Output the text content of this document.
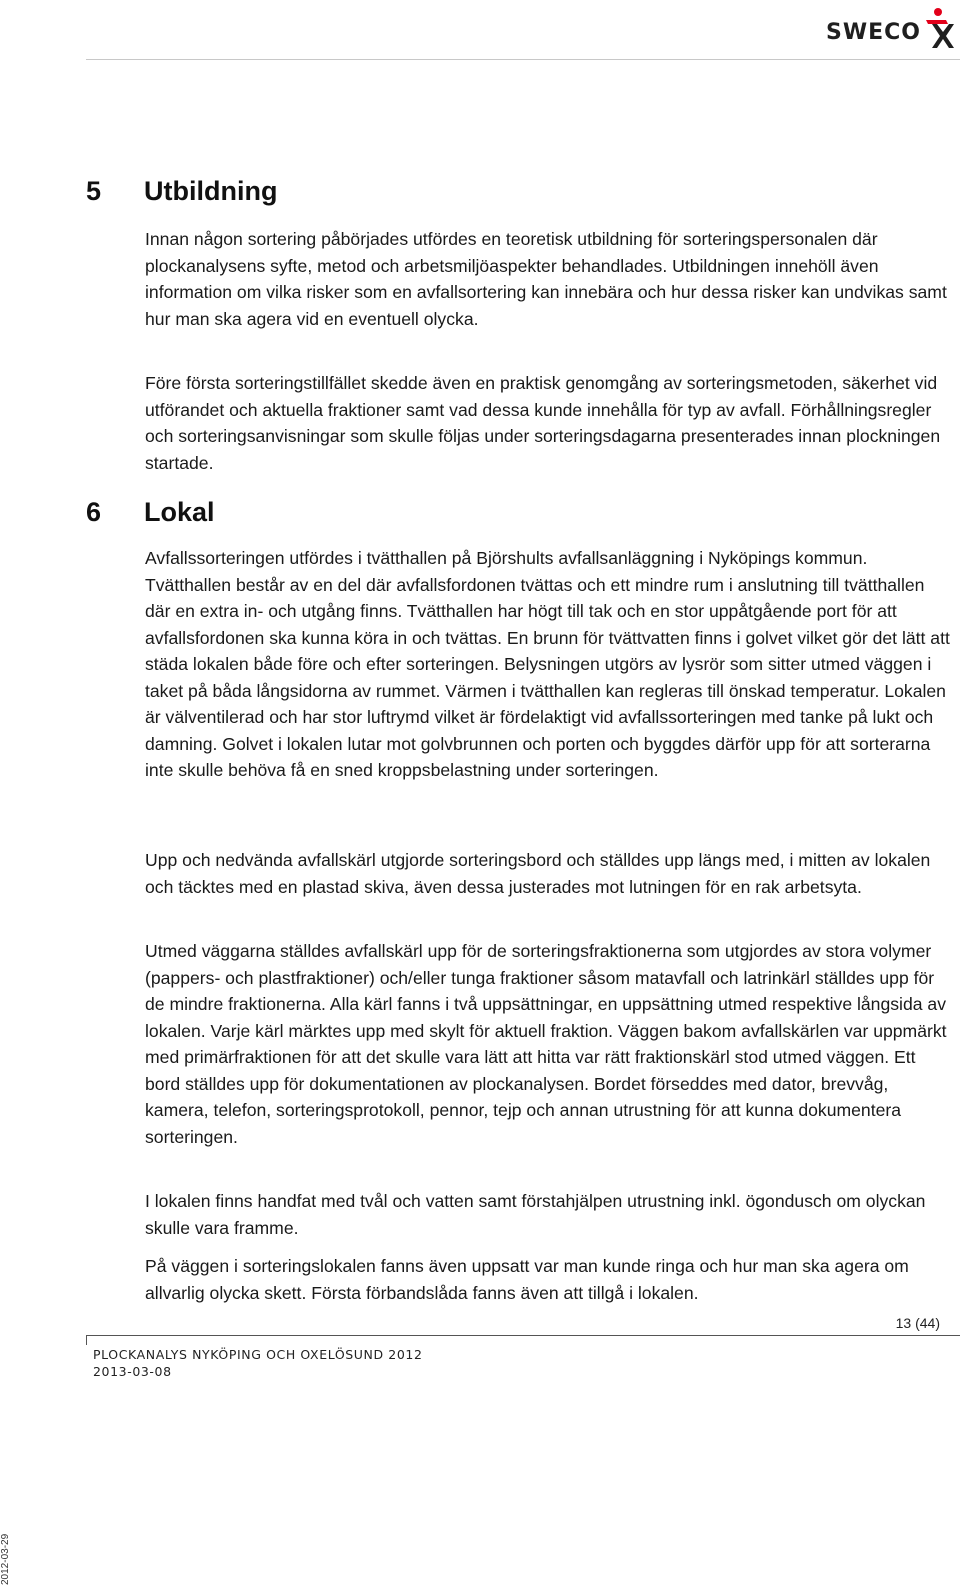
SWECO
5 Utbildning

Innan någon sortering påbörjades utfördes en teoretisk utbildning för sorteringspersonalen där plockanalysens syfte, metod och arbetsmiljöaspekter behandlades. Utbildningen innehöll även information om vilka risker som en avfallsortering kan innebära och hur dessa risker kan undvikas samt hur man ska agera vid en eventuell olycka.

Före första sorteringstillfället skedde även en praktisk genomgång av sorteringsmetoden, säkerhet vid utförandet och aktuella fraktioner samt vad dessa kunde innehålla för typ av avfall. Förhållningsregler och sorteringsanvisningar som skulle följas under sorteringsdagarna presenterades innan plockningen startade.

6 Lokal

Avfallssorteringen utfördes i tvätthallen på Björshults avfallsanläggning i Nyköpings kommun. Tvätthallen består av en del där avfallsfordonen tvättas och ett mindre rum i anslutning till tvätthallen där en extra in- och utgång finns. Tvätthallen har högt till tak och en stor uppåtgående port för att avfallsfordonen ska kunna köra in och tvättas. En brunn för tvättvatten finns i golvet vilket gör det lätt att städa lokalen både före och efter sorteringen. Belysningen utgörs av lysrör som sitter utmed väggen i taket på båda långsidorna av rummet. Värmen i tvätthallen kan regleras till önskad temperatur. Lokalen är välventilerad och har stor luftrymd vilket är fördelaktigt vid avfallssorteringen med tanke på lukt och damning. Golvet i lokalen lutar mot golvbrunnen och porten och byggdes därför upp för att sorterarna inte skulle behöva få en sned kroppsbelastning under sorteringen.

Upp och nedvända avfallskärl utgjorde sorteringsbord och ställdes upp längs med, i mitten av lokalen och täcktes med en plastad skiva, även dessa justerades mot lutningen för en rak arbetsyta.

Utmed väggarna ställdes avfallskärl upp för de sorteringsfraktionerna som utgjordes av stora volymer (pappers- och plastfraktioner) och/eller tunga fraktioner såsom matavfall och latrinkärl ställdes upp för de mindre fraktionerna. Alla kärl fanns i två uppsättningar, en uppsättning utmed respektive långsida av lokalen. Varje kärl märktes upp med skylt för aktuell fraktion. Väggen bakom avfallskärlen var uppmärkt med primärfraktionen för att det skulle vara lätt att hitta var rätt fraktionskärl stod utmed väggen. Ett bord ställdes upp för dokumentationen av plockanalysen. Bordet förseddes med dator, brevvåg, kamera, telefon, sorteringsprotokoll, pennor, tejp och annan utrustning för att kunna dokumentera sorteringen.

I lokalen finns handfat med tvål och vatten samt förstahjälpen utrustning inkl. ögondusch om olyckan skulle vara framme.

På väggen i sorteringslokalen fanns även uppsatt var man kunde ringa och hur man ska agera om allvarlig olycka skett. Första förbandslåda fanns även att tillgå i lokalen.

13 (44)
PLOCKANALYS NYKÖPING OCH OXELÖSUND 2012
2013-03-08
2012-03-29
